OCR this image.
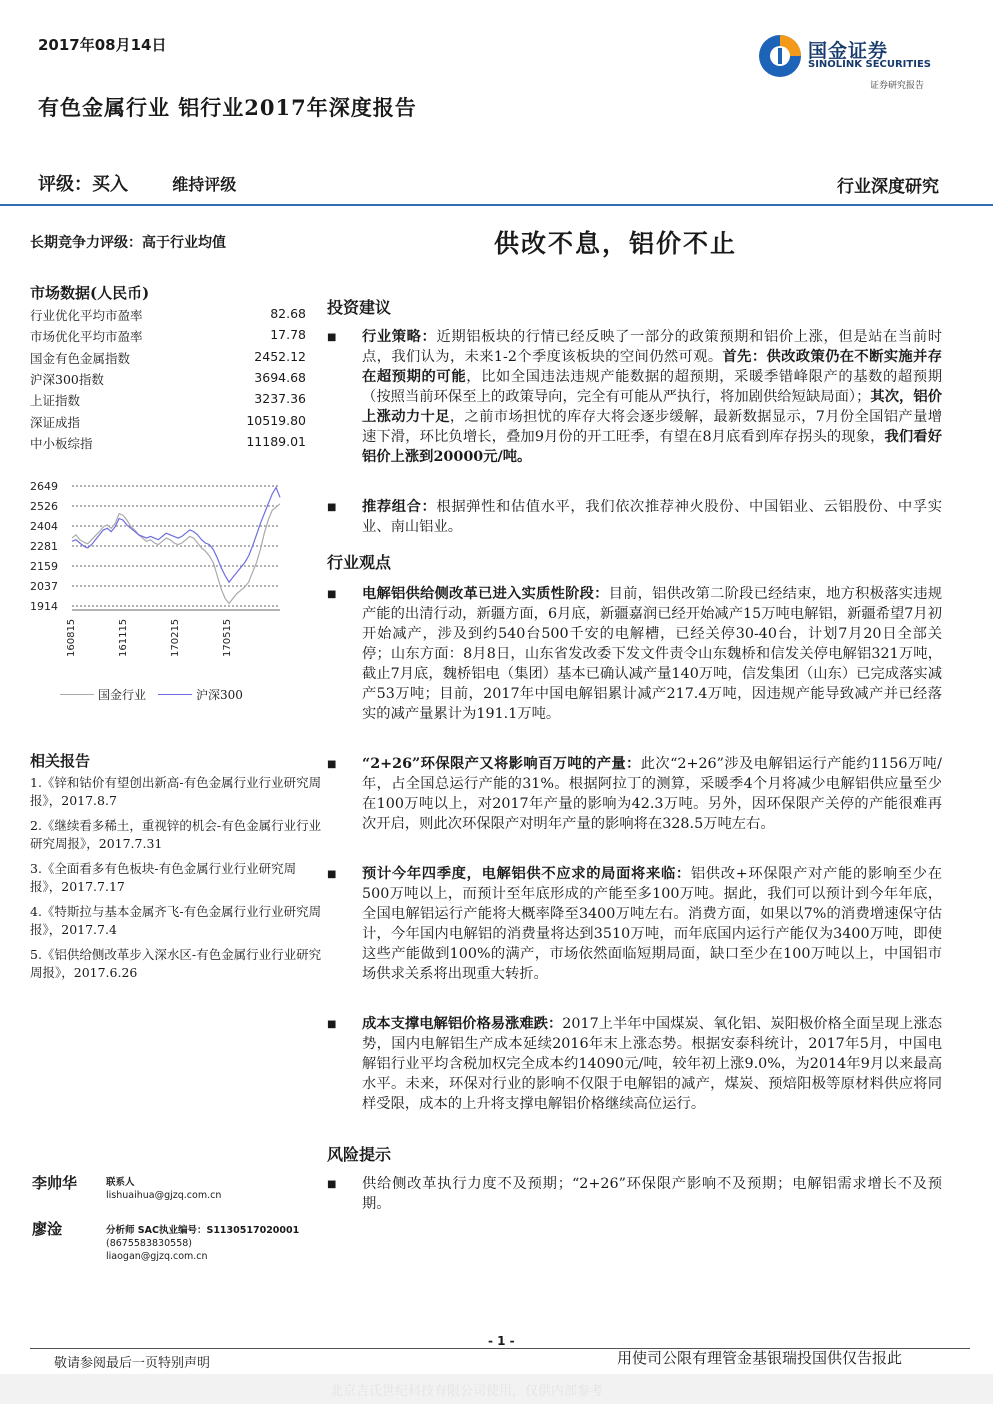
2017年08月14日	国金证券
SINOLINK SECURITIES
证券研究报告
有色金属行业 铝行业2017年深度报告
评级：买入	维持评级	行业深度研究
长期竞争力评级：高于行业均值	供改不息，铝价不止
市场数据(人民币)
行业优化平均市盈率	82.68
市场优化平均市盈率	17.78
国金有色金属指数	2452.12
沪深300指数	3694.68
上证指数	3237.36
深证成指	10519.80
中小板综指	11189.01
2649
2526
2404
2281
2159
2037
1914
160815	161115	170215	170515
国金行业	沪深300
相关报告
1.《锌和钴价有望创出新高-有色金属行业行业研究周报》，2017.8.7
2.《继续看多稀土，重视锌的机会-有色金属行业行业研究周报》，2017.7.31
3.《全面看多有色板块-有色金属行业行业研究周报》，2017.7.17
4.《特斯拉与基本金属齐飞-有色金属行业行业研究周报》，2017.7.4
5.《铝供给侧改革步入深水区-有色金属行业行业研究周报》，2017.6.26
李帅华	联系人
lishuaihua@gjzq.com.cn
廖淦	分析师 SAC执业编号：S1130517020001
(8675583830558)
liaogan@gjzq.com.cn
投资建议
■ 行业策略：近期铝板块的行情已经反映了一部分的政策预期和铝价上涨，但是站在当前时点，我们认为，未来1-2个季度该板块的空间仍然可观。首先：供改政策仍在不断实施并存在超预期的可能，比如全国违法违规产能数据的超预期，采暖季错峰限产的基数的超预期（按照当前环保至上的政策导向，完全有可能从严执行，将加剧供给短缺局面）；其次，铝价上涨动力十足，之前市场担忧的库存大将会逐步缓解，最新数据显示，7月份全国铝产量增速下滑，环比负增长，叠加9月份的开工旺季，有望在8月底看到库存拐头的现象，我们看好铝价上涨到20000元/吨。
■ 推荐组合：根据弹性和估值水平，我们依次推荐神火股份、中国铝业、云铝股份、中孚实业、南山铝业。
行业观点
■ 电解铝供给侧改革已进入实质性阶段：目前，铝供改第二阶段已经结束，地方积极落实违规产能的出清行动，新疆方面，6月底，新疆嘉润已经开始减产15万吨电解铝，新疆希望7月初开始减产，涉及到约540台500千安的电解槽，已经关停30-40台，计划7月20日全部关停；山东方面：8月8日，山东省发改委下发文件责令山东魏桥和信发关停电解铝321万吨，截止7月底，魏桥铝电（集团）基本已确认减产量140万吨，信发集团（山东）已完成落实减产53万吨；目前，2017年中国电解铝累计减产217.4万吨，因违规产能导致减产并已经落实的减产量累计为191.1万吨。
■ “2+26”环保限产又将影响百万吨的产量：此次“2+26”涉及电解铝运行产能约1156万吨/年，占全国总运行产能的31%。根据阿拉丁的测算，采暖季4个月将减少电解铝供应量至少在100万吨以上，对2017年产量的影响为42.3万吨。另外，因环保限产关停的产能很难再次开启，则此次环保限产对明年产量的影响将在328.5万吨左右。
■ 预计今年四季度，电解铝供不应求的局面将来临：铝供改+环保限产对产能的影响至少在500万吨以上，而预计至年底形成的产能至多100万吨。据此，我们可以预计到今年年底，全国电解铝运行产能将大概率降至3400万吨左右。消费方面，如果以7%的消费增速保守估计，今年国内电解铝的消费量将达到3510万吨，而年底国内运行产能仅为3400万吨，即使这些产能做到100%的满产，市场依然面临短期局面，缺口至少在100万吨以上，中国铝市场供求关系将出现重大转折。
■ 成本支撑电解铝价格易涨难跌：2017上半年中国煤炭、氧化铝、炭阳极价格全面呈现上涨态势，国内电解铝生产成本延续2016年末上涨态势。根据安泰科统计，2017年5月，中国电解铝行业平均含税加权完全成本约14090元/吨，较年初上涨9.0%，为2014年9月以来最高水平。未来，环保对行业的影响不仅限于电解铝的减产，煤炭、预焙阳极等原材料供应将同样受限，成本的上升将支撑电解铝价格继续高位运行。
风险提示
■ 供给侧改革执行力度不及预期；“2+26”环保限产影响不及预期；电解铝需求增长不及预期。
- 1 -
敬请参阅最后一页特别声明	用使司公限有理管金基银瑞投国供仅告报此
北京吉氏世纪科技有限公司使用，仅供内部参考
